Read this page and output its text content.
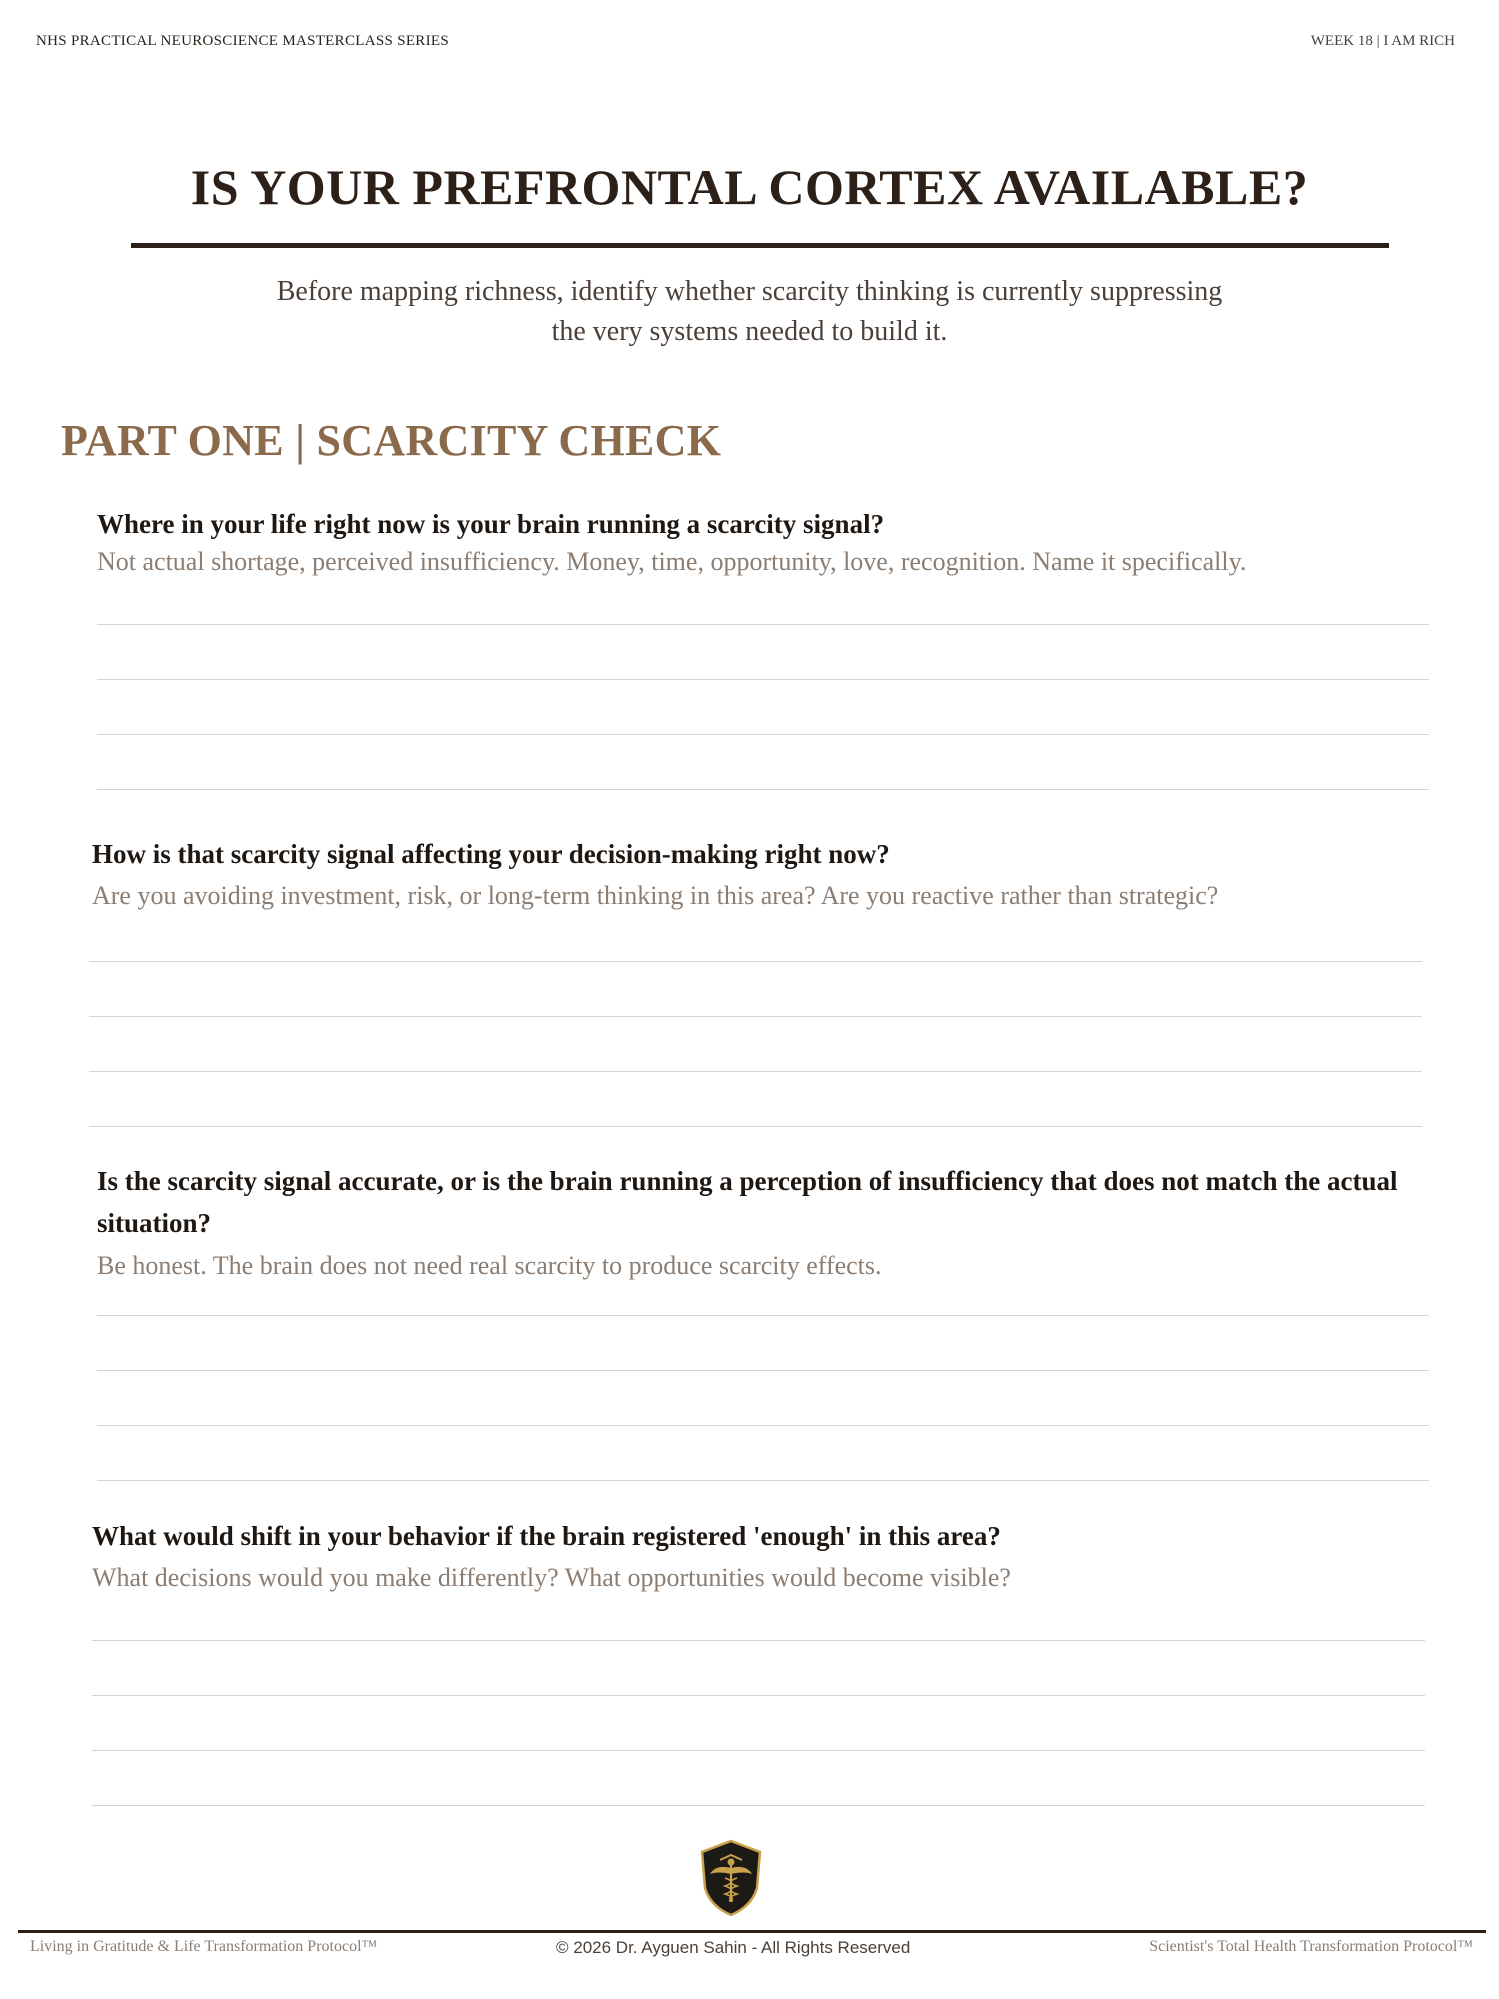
NHS PRACTICAL NEUROSCIENCE MASTERCLASS SERIES	WEEK 18 | I AM RICH
IS YOUR PREFRONTAL CORTEX AVAILABLE?
Before mapping richness, identify whether scarcity thinking is currently suppressing
the very systems needed to build it.
PART ONE | SCARCITY CHECK
Where in your life right now is your brain running a scarcity signal?
Not actual shortage, perceived insufficiency. Money, time, opportunity, love, recognition. Name it specifically.
How is that scarcity signal affecting your decision-making right now?
Are you avoiding investment, risk, or long-term thinking in this area? Are you reactive rather than strategic?
Is the scarcity signal accurate, or is the brain running a perception of insufficiency that does not match the actual situation?
Be honest. The brain does not need real scarcity to produce scarcity effects.
What would shift in your behavior if the brain registered 'enough' in this area?
What decisions would you make differently? What opportunities would become visible?
Living in Gratitude & Life Transformation Protocol™	© 2026 Dr. Ayguen Sahin - All Rights Reserved	Scientist's Total Health Transformation Protocol™
